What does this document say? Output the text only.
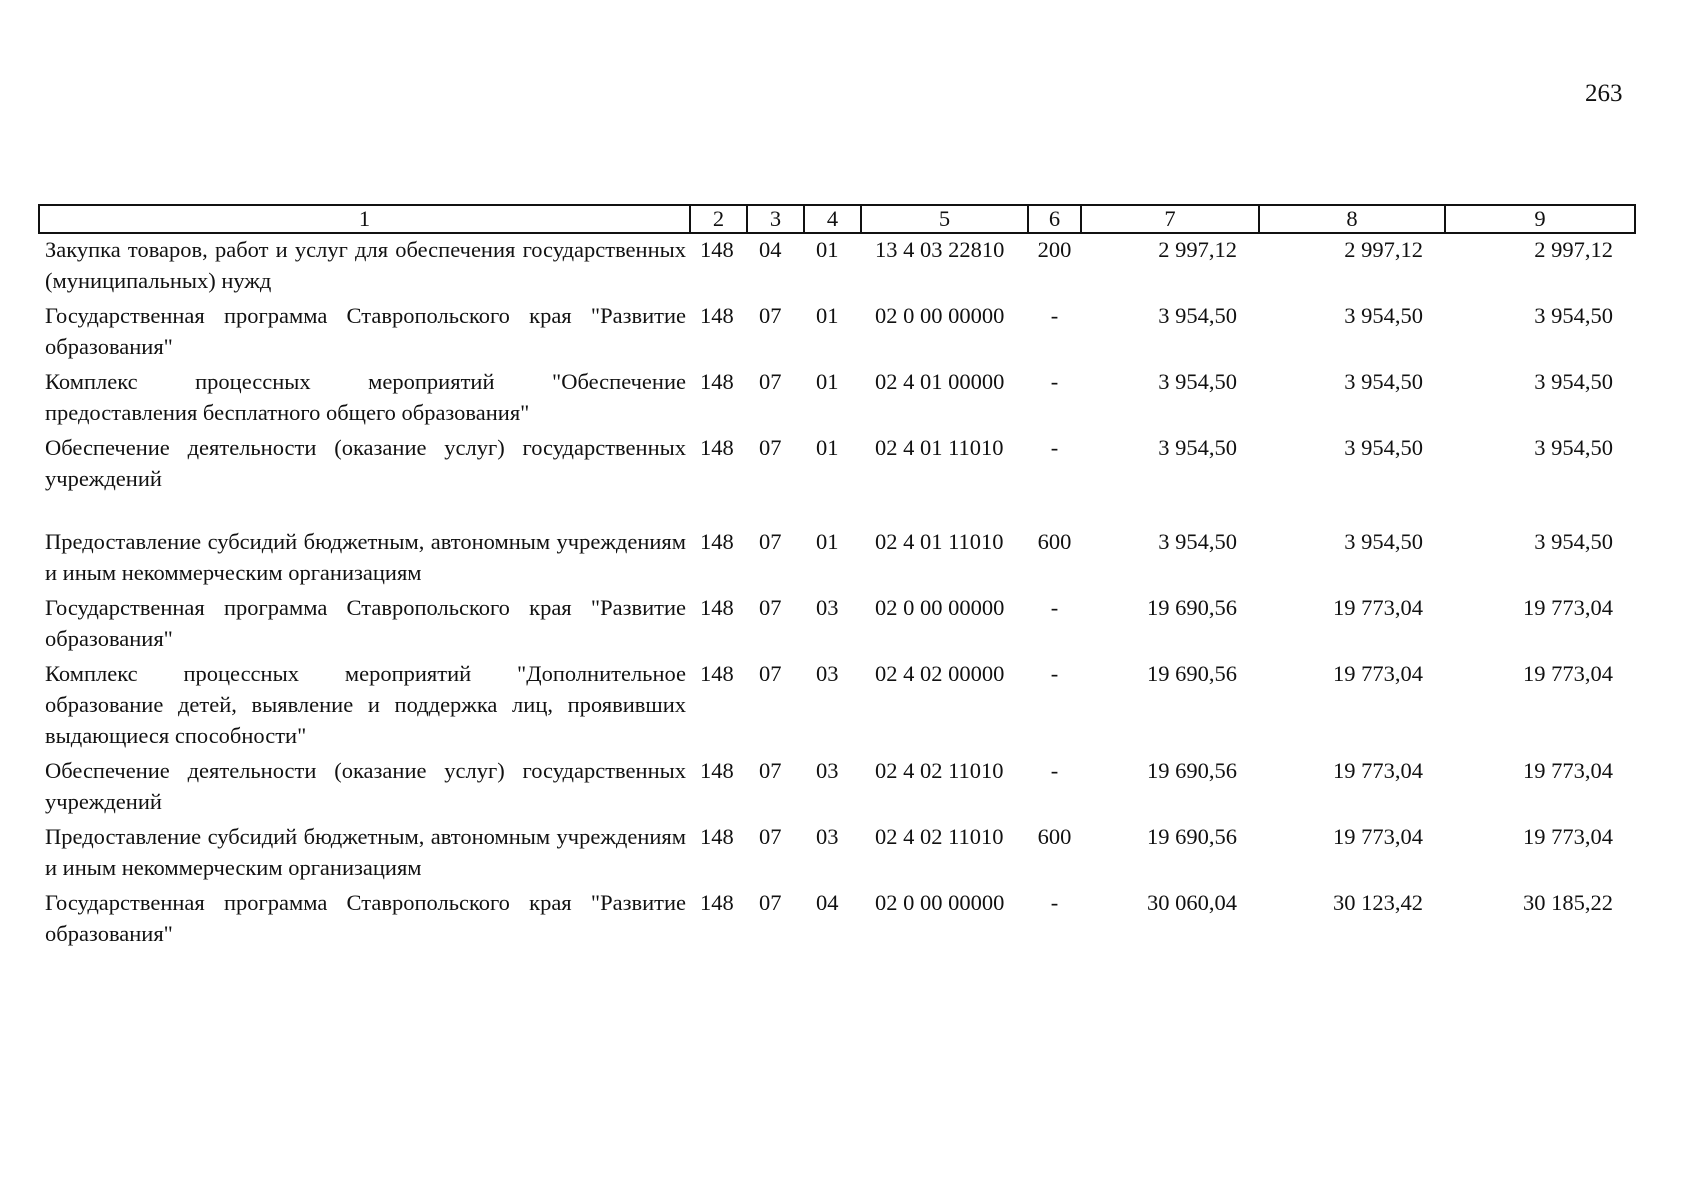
263
1	2	3	4	5	6	7	8	9
Закупка товаров, работ и услуг для обеспечения государственных (муниципальных) нужд	148	04	01	13 4 03 22810	200	2 997,12	2 997,12	2 997,12
Государственная программа Ставропольского края "Развитие образования"	148	07	01	02 0 00 00000	-	3 954,50	3 954,50	3 954,50
Комплекс процессных мероприятий "Обеспечение предоставления бесплатного общего образования"	148	07	01	02 4 01 00000	-	3 954,50	3 954,50	3 954,50
Обеспечение деятельности (оказание услуг) государственных учреждений	148	07	01	02 4 01 11010	-	3 954,50	3 954,50	3 954,50

Предоставление субсидий бюджетным, автономным учреждениям и иным некоммерческим организациям	148	07	01	02 4 01 11010	600	3 954,50	3 954,50	3 954,50
Государственная программа Ставропольского края "Развитие образования"	148	07	03	02 0 00 00000	-	19 690,56	19 773,04	19 773,04
Комплекс процессных мероприятий "Дополнительное образование детей, выявление и поддержка лиц, проявивших выдающиеся способности"	148	07	03	02 4 02 00000	-	19 690,56	19 773,04	19 773,04
Обеспечение деятельности (оказание услуг) государственных учреждений	148	07	03	02 4 02 11010	-	19 690,56	19 773,04	19 773,04
Предоставление субсидий бюджетным, автономным учреждениям и иным некоммерческим организациям	148	07	03	02 4 02 11010	600	19 690,56	19 773,04	19 773,04
Государственная программа Ставропольского края "Развитие образования"	148	07	04	02 0 00 00000	-	30 060,04	30 123,42	30 185,22
